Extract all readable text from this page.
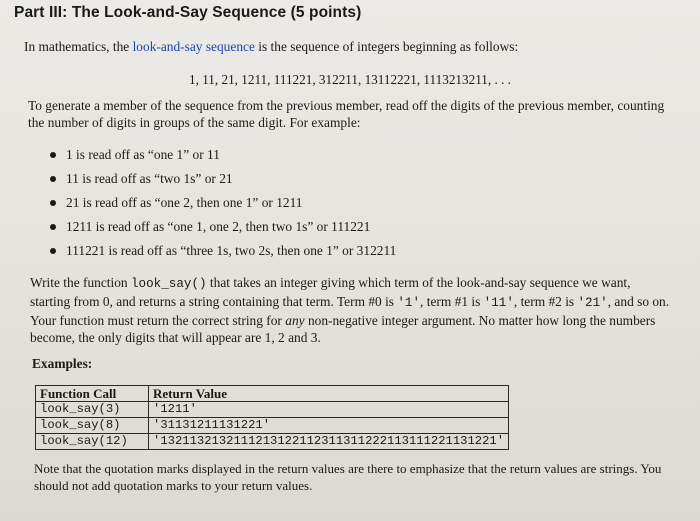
Part III: The Look-and-Say Sequence (5 points)
In mathematics, the look-and-say sequence is the sequence of integers beginning as follows:
1, 11, 21, 1211, 111221, 312211, 13112221, 1113213211, . . .
To generate a member of the sequence from the previous member, read off the digits of the previous member, counting the number of digits in groups of the same digit. For example:
1 is read off as “one 1” or 11
11 is read off as “two 1s” or 21
21 is read off as “one 2, then one 1” or 1211
1211 is read off as “one 1, one 2, then two 1s” or 111221
111221 is read off as “three 1s, two 2s, then one 1” or 312211
Write the function look_say() that takes an integer giving which term of the look-and-say sequence we want, starting from 0, and returns a string containing that term. Term #0 is '1', term #1 is '11', term #2 is '21', and so on. Your function must return the correct string for any non-negative integer argument. No matter how long the numbers become, the only digits that will appear are 1, 2 and 3.
Examples:
Function Call	Return Value
look_say(3)	'1211'
look_say(8)	'31131211131221'
look_say(12)	'1321132132111213122112311311222113111221131221'
Note that the quotation marks displayed in the return values are there to emphasize that the return values are strings. You should not add quotation marks to your return values.
